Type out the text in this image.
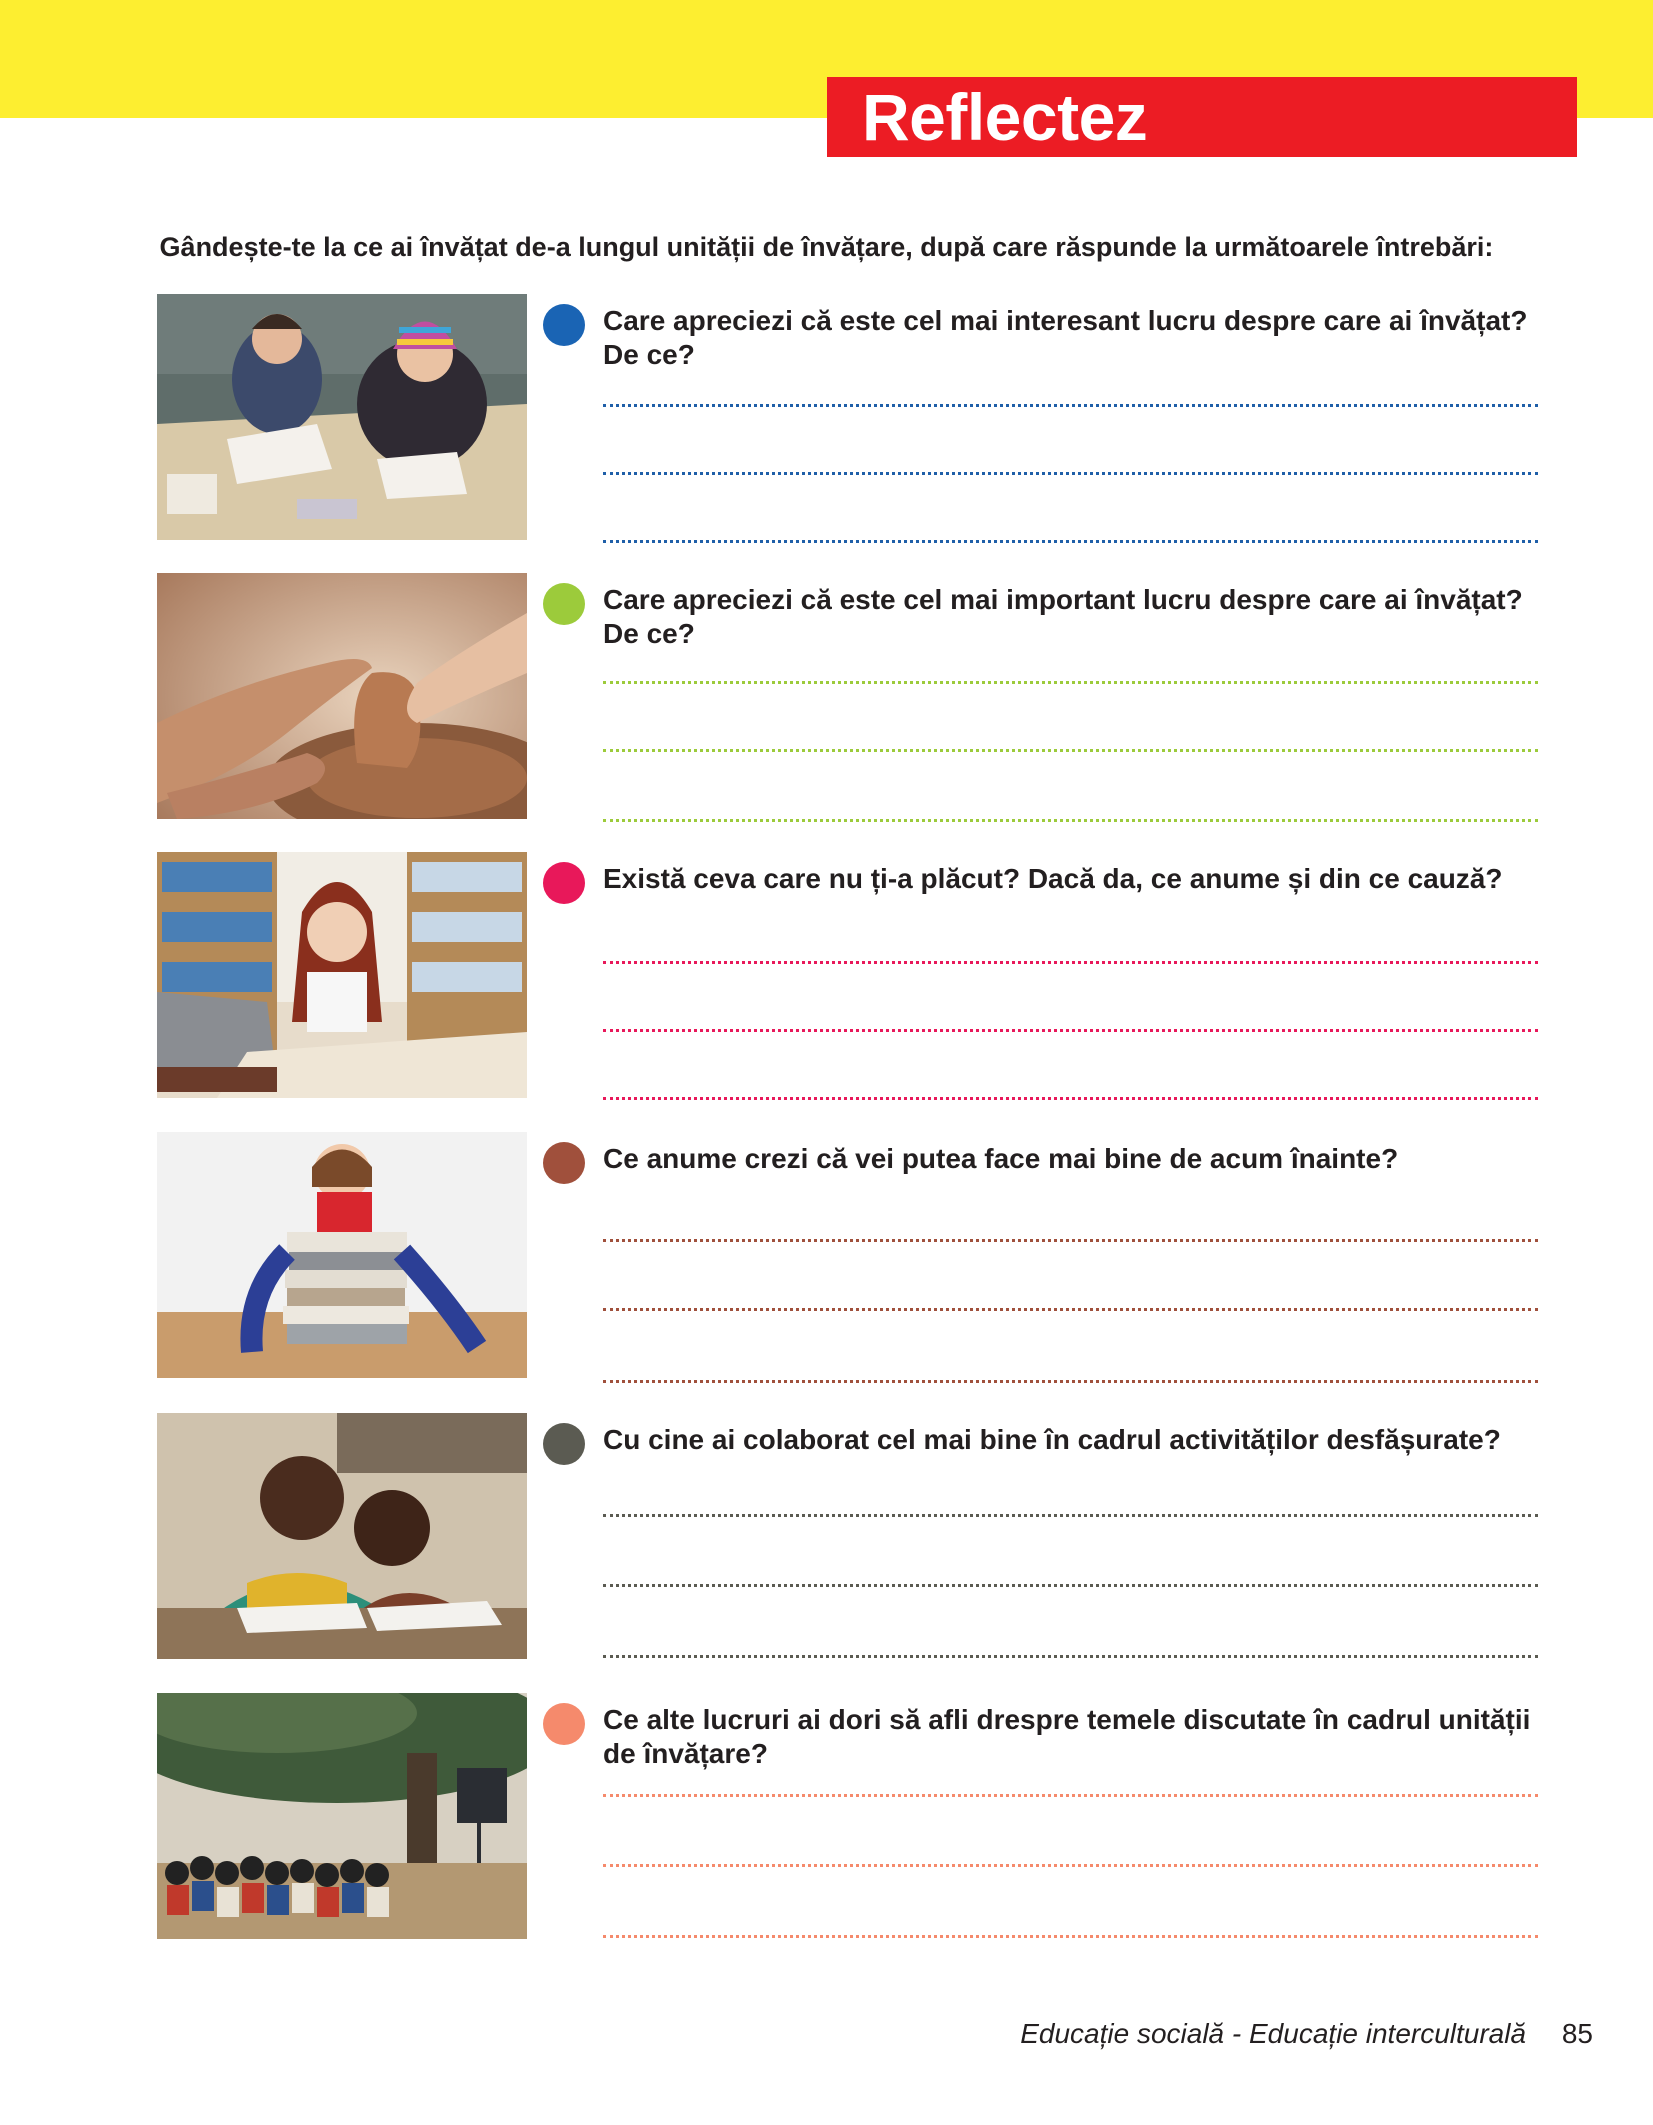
Reflectez
Gândește-te la ce ai învățat de-a lungul unității de învățare, după care răspunde la următoarele întrebări:
Care apreciezi că este cel mai interesant lucru despre care ai învățat? De ce?
Care apreciezi că este cel mai important lucru despre care ai învățat? De ce?
Există ceva care nu ți-a plăcut? Dacă da, ce anume și din ce cauză?
Ce anume crezi că vei putea face mai bine de acum înainte?
Cu cine ai colaborat cel mai bine în cadrul activităților desfășurate?
Ce alte lucruri ai dori să afli drespre temele discutate în cadrul unității de învățare?
Educație socială - Educație interculturală 85
